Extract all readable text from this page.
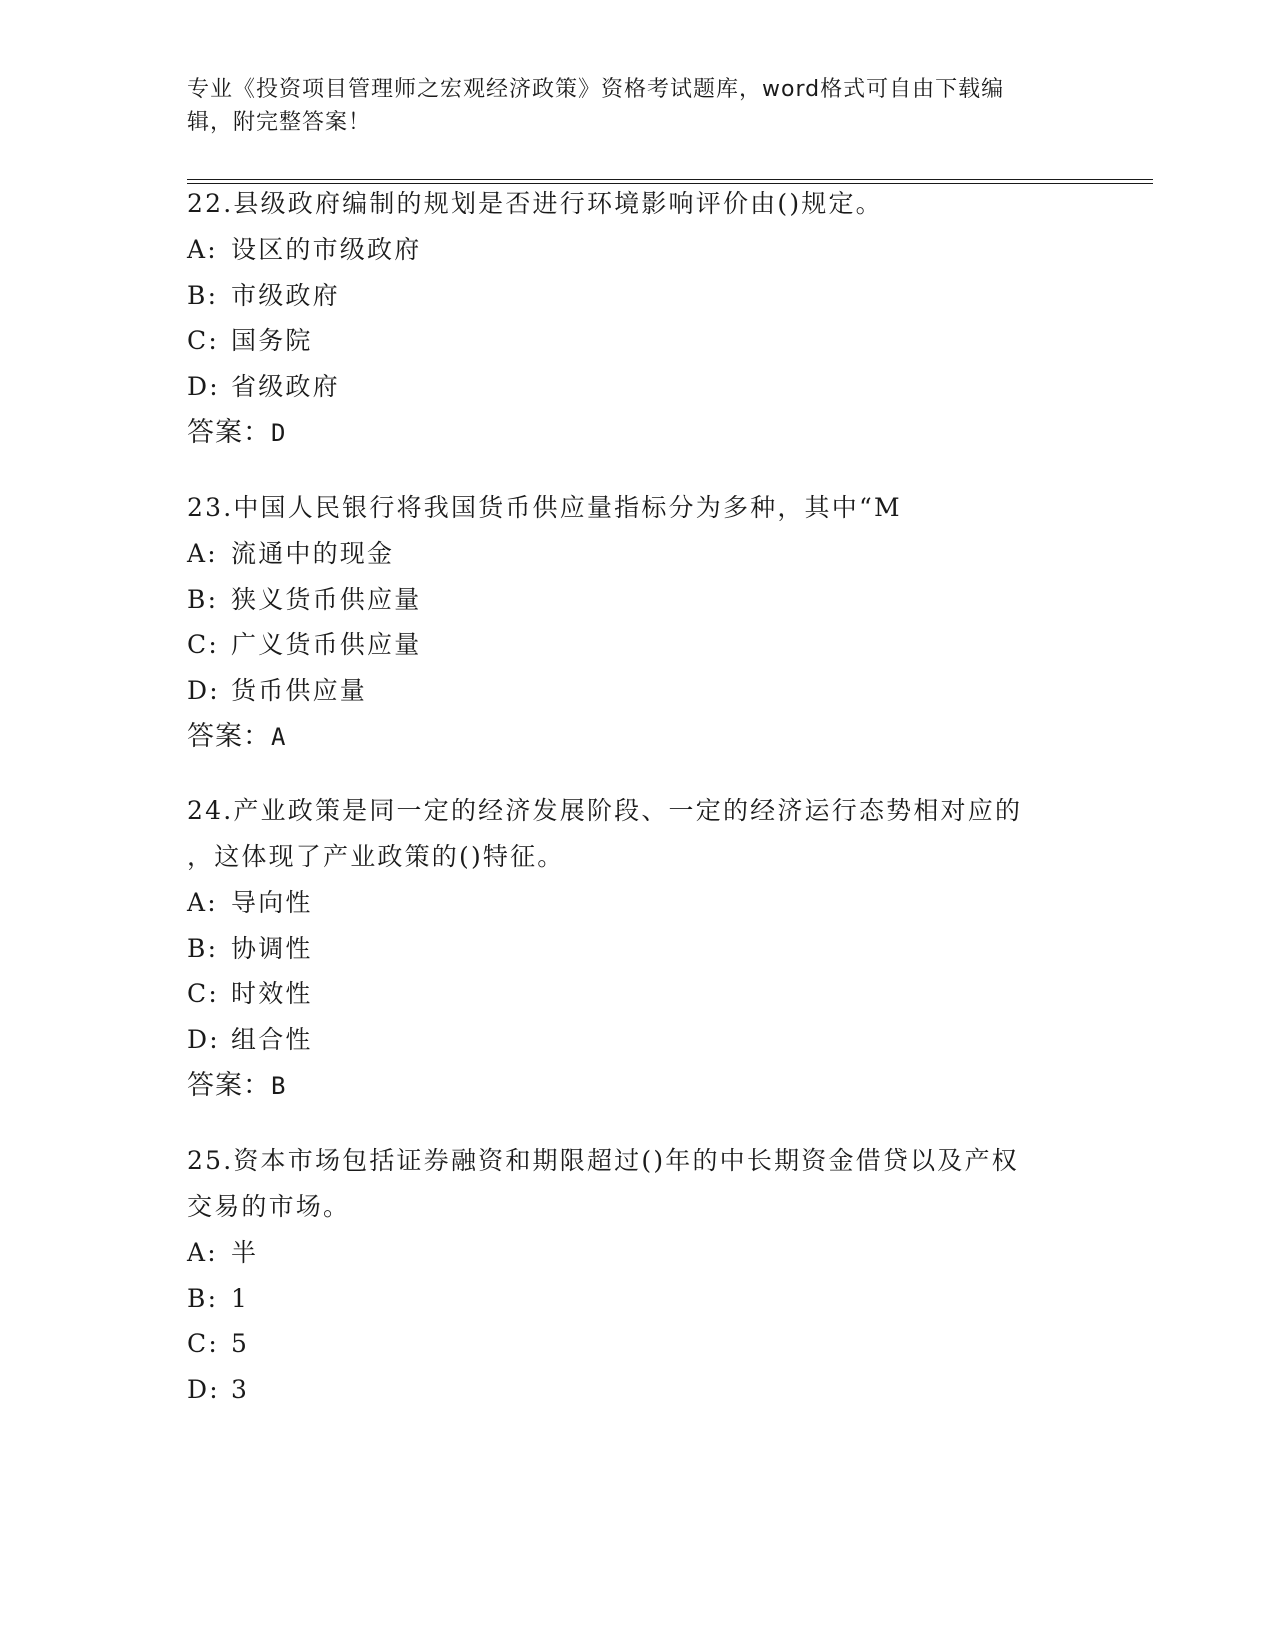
专业《投资项目管理师之宏观经济政策》资格考试题库，word格式可自由下载编
辑，附完整答案！
22.县级政府编制的规划是否进行环境影响评价由()规定。
A: 设区的市级政府
B: 市级政府
C: 国务院
D: 省级政府
答案：D
23.中国人民银行将我国货币供应量指标分为多种，其中“M
A: 流通中的现金
B: 狭义货币供应量
C: 广义货币供应量
D: 货币供应量
答案：A
24.产业政策是同一定的经济发展阶段、一定的经济运行态势相对应的
，这体现了产业政策的()特征。
A: 导向性
B: 协调性
C: 时效性
D: 组合性
答案：B
25.资本市场包括证券融资和期限超过()年的中长期资金借贷以及产权
交易的市场。
A: 半
B: 1
C: 5
D: 3
